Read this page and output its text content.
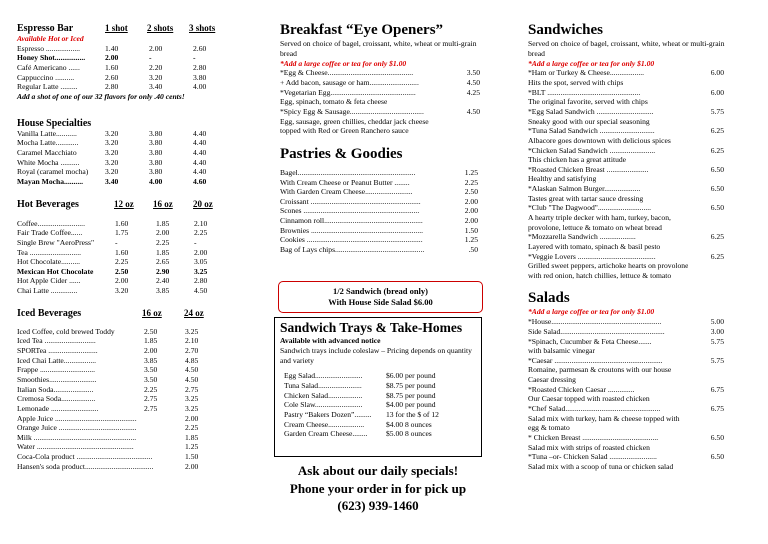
Espresso Bar	1 shot 2 shots 3 shots
Available Hot or Iced
Espresso ..................	1.40	2.00	2.60
Honey Shot................	2.00	-	-
Café Americano ......	1.60	2.20	2.80
Cappuccino ..........	2.60	3.20	3.80
Regular Latte .........	2.80	3.40	4.00
Add a shot of one of our 32 flavors for only .40 cents!
House Specialties
Vanilla Latte...........	3.20	3.80	4.40
Mocha Latte............	3.20	3.80	4.40
Caramel Macchiato	3.20	3.80	4.40
White Mocha ..........	3.20	3.80	4.40
Royal (caramel mocha) 3.20	3.80	4.40
Mayan Mocha..........	3.40	4.00	4.60
Hot Beverages	12 oz 16 oz 20 oz
Coffee.........................	1.60	1.85	2.10
Fair Trade Coffee......	1.75	2.00	2.25
Single Brew "AeroPress"	-	2.25	-
Tea ...........................	1.60	1.85	2.00
Hot Chocolate..........	2.25	2.65	3.05
Mexican Hot Chocolate	2.50	2.90	3.25
Hot Apple Cider ......	2.00	2.40	2.80
Chai Latte ..............	3.20	3.85	4.50
Iced Beverages	16 oz 24 oz
Iced Coffee, cold brewed Toddy	2.50	3.25
Iced Tea ...........................	1.85	2.10
SPORTea ..........................	2.00	2.70
Iced Chai Latte.................	3.85	4.85
Frappe .............................	3.50	4.50
Smoothies.........................	3.50	4.50
Italian Soda.....................	2.25	2.75
Cremosa Soda..................	2.75	3.25
Lemonade .........................	2.75	3.25
Apple Juice ...........................................	2.00
Orange Juice .........................................	2.25
Milk ......................................................	1.85
Water ...................................................	1.25
Coca-Cola product ........................................	1.50
Hansen's soda product....................................	2.00
Breakfast “Eye Openers”
Served on choice of bagel, croissant, white, wheat or multi-grain bread
*Add a large coffee or tea for only $1.00
*Egg & Cheese.............................................	3.50
+ Add bacon, sausage or ham..........................	4.50
*Vegetarian Egg.............................................	4.25
Egg, spinach, tomato & feta cheese
*Spicy Egg & Sausage.......................................	4.50
Egg, sausage, green chillies, cheddar jack cheese
topped with Red or Green Ranchero sauce
Pastries & Goodies
Bagel..............................................................	1.25
With Cream Cheese or Peanut Butter ........	2.25
With Garden Cream Cheese.........................	2.50
Croissant ..........................................................	2.00
Scones .............................................................	2.00
Cinnamon roll....................................................	2.00
Brownies ...........................................................	1.50
Cookies .............................................................	1.25
Bag of Lays chips...............................................	.50
1/2 Sandwich (bread only)
With House Side Salad $6.00
Sandwich Trays & Take-Homes
Available with advanced notice
Sandwich trays include coleslaw – Pricing depends on quantity and variety
Egg Salad.........................	$6.00 per pound
Tuna Salad.......................	$8.75 per pound
Chicken Salad..................	$8.75 per pound
Cole Slaw.........................	$4.00 per pound
Pastry “Bakers Dozen”......... 13 for the $ of 12
Cream Cheese...................	$4.00 8 ounces
Garden Cream Cheese........ $5.00 8 ounces
Ask about our daily specials!
Phone your order in for pick up
(623) 939-1460
Sandwiches
Served on choice of bagel, croissant, white, wheat or multi-grain bread
*Add a large coffee or tea for only $1.00
*Ham or Turkey & Cheese..................	6.00
Hits the spot, served with chips
*BLT .................................................	6.00
The original favorite, served with chips
*Egg Salad Sandwich ..............................	5.75
Sneaky good with our special seasoning
*Tuna Salad Sandwich .............................	6.25
Albacore goes downtown with delicious spices
*Chicken Salad Sandwich ........................	6.25
This chicken has a great attitude
*Roasted Chicken Breast ......................	6.50
Healthy and satisfying
*Alaskan Salmon Burger...................	6.50
Tastes great with tartar sauce dressing
*Club "The Dagwood"............................	6.50
A hearty triple decker with ham, turkey, bacon,
provolone, lettuce & tomato on wheat bread
*Mozzarella Sandwich ...................	6.25
Layered with tomato, spinach & basil pesto
*Veggie Lovers .........................................	6.25
Grilled sweet peppers, artichoke hearts on provolone
with red onion, hatch chillies, lettuce & tomato
Salads
*Add a large coffee or tea for only $1.00
*House..........................................................	5.00
Side Salad.......................................................	3.00
*Spinach, Cucumber & Feta Cheese.......	5.75
with balsamic vinegar
*Caesar .........................................................	5.75
Romaine, parmesan & croutons with our house
Caesar dressing
*Roasted Chicken Caesar ..............	6.75
Our Caesar topped with roasted chicken
*Chef Salad..................................................	6.75
Salad mix with turkey, ham & cheese topped with
egg & tomato
* Chicken Breast ........................................	6.50
Salad mix with strips of roasted chicken
*Tuna –or- Chicken Salad .........................	6.50
Salad mix with a scoop of tuna or chicken salad
